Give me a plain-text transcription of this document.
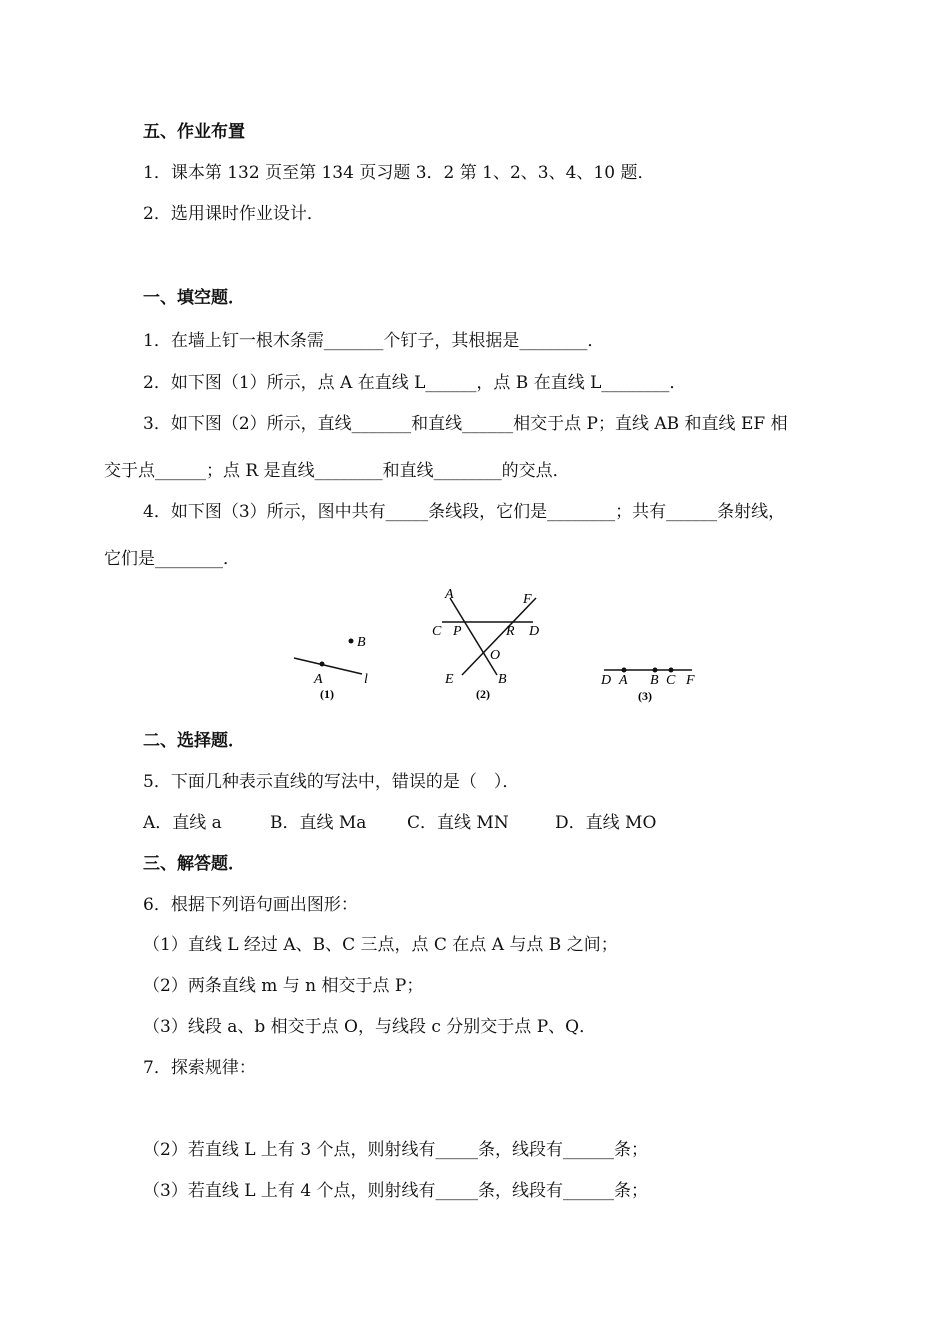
五、作业布置
1．课本第 132 页至第 134 页习题 3．2 第 1、2、3、4、10 题．
2．选用课时作业设计．
一、填空题．
1．在墙上钉一根木条需_______个钉子，其根据是________．
2．如下图（1）所示，点 A 在直线 L______，点 B 在直线 L________．
3．如下图（2）所示，直线_______和直线______相交于点 P；直线 AB 和直线 EF 相
交于点______；点 R 是直线________和直线________的交点．
4．如下图（3）所示，图中共有_____条线段，它们是________；共有______条射线，
它们是________．
B
A	l
(1)
A	F
C P	R D
O
E	B
(2)
D A B C F
(3)
二、选择题．
5．下面几种表示直线的写法中，错误的是（　）．
A．直线 a	B．直线 Ma C．直线 MN	D．直线 MO
三、解答题．
6．根据下列语句画出图形：
（1）直线 L 经过 A、B、C 三点，点 C 在点 A 与点 B 之间；
（2）两条直线 m 与 n 相交于点 P；
（3）线段 a、b 相交于点 O，与线段 c 分别交于点 P、Q．
7．探索规律：
（2）若直线 L 上有 3 个点，则射线有_____条，线段有______条；
（3）若直线 L 上有 4 个点，则射线有_____条，线段有______条；
